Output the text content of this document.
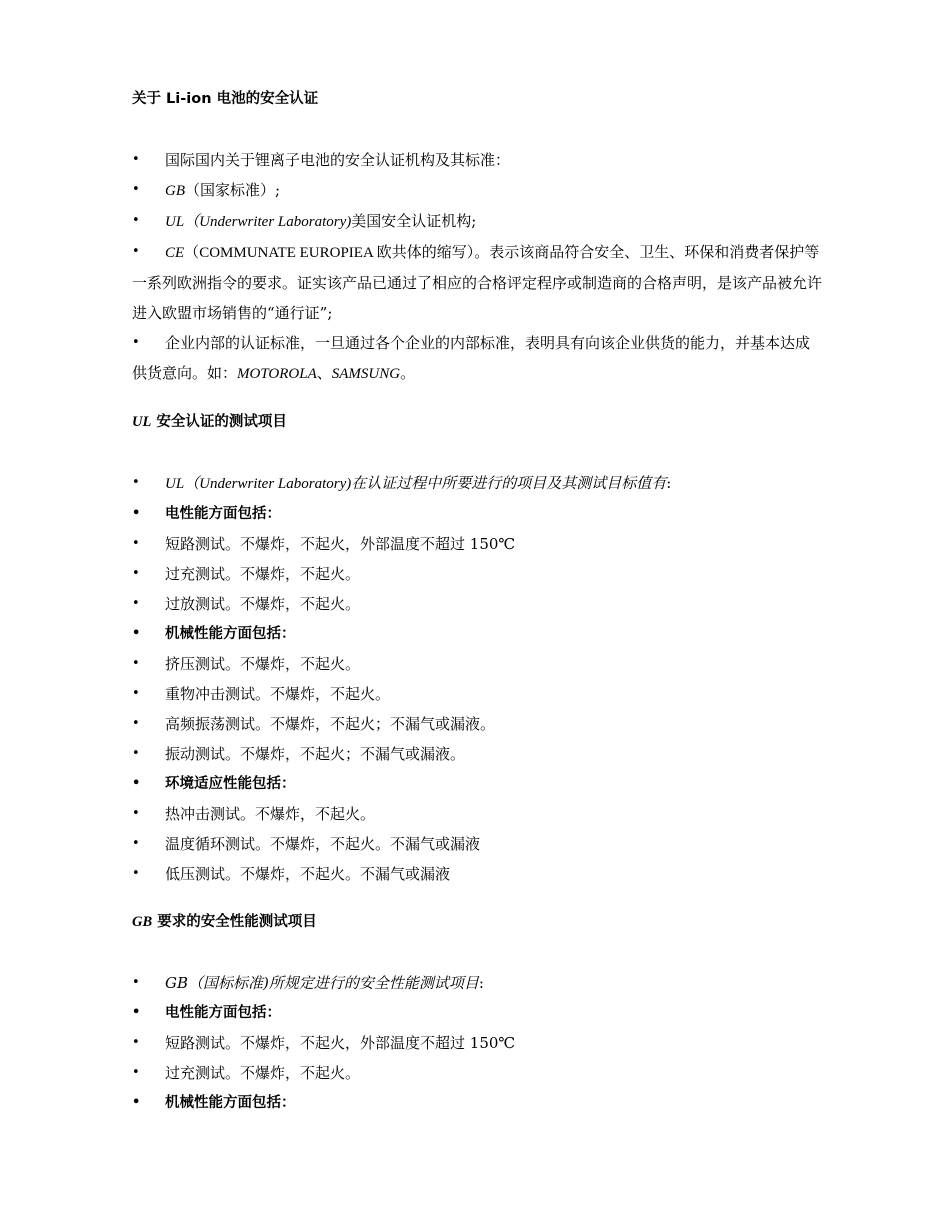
关于 Li-ion 电池的安全认证
• 国际国内关于锂离子电池的安全认证机构及其标准：
• GB（国家标准）;
• UL（Underwriter Laboratory)美国安全认证机构;
• CE（COMMUNATE EUROPIEA 欧共体的缩写）。表示该商品符合安全、卫生、环保和消费者保护等一系列欧洲指令的要求。证实该产品已通过了相应的合格评定程序或制造商的合格声明，是该产品被允许进入欧盟市场销售的“通行证”;
• 企业内部的认证标准，一旦通过各个企业的内部标准，表明具有向该企业供货的能力，并基本达成供货意向。如：MOTOROLA、SAMSUNG。
UL 安全认证的测试项目
• UL（Underwriter Laboratory)在认证过程中所要进行的项目及其测试目标值有:
• 电性能方面包括：
• 短路测试。不爆炸，不起火，外部温度不超过 150℃
• 过充测试。不爆炸，不起火。
• 过放测试。不爆炸，不起火。
• 机械性能方面包括：
• 挤压测试。不爆炸，不起火。
• 重物冲击测试。不爆炸，不起火。
• 高频振荡测试。不爆炸，不起火；不漏气或漏液。
• 振动测试。不爆炸，不起火；不漏气或漏液。
• 环境适应性能包括：
• 热冲击测试。不爆炸，不起火。
• 温度循环测试。不爆炸，不起火。不漏气或漏液
• 低压测试。不爆炸，不起火。不漏气或漏液
GB 要求的安全性能测试项目
• GB（国标标准)所规定进行的安全性能测试项目:
• 电性能方面包括：
• 短路测试。不爆炸，不起火，外部温度不超过 150℃
• 过充测试。不爆炸，不起火。
• 机械性能方面包括：
